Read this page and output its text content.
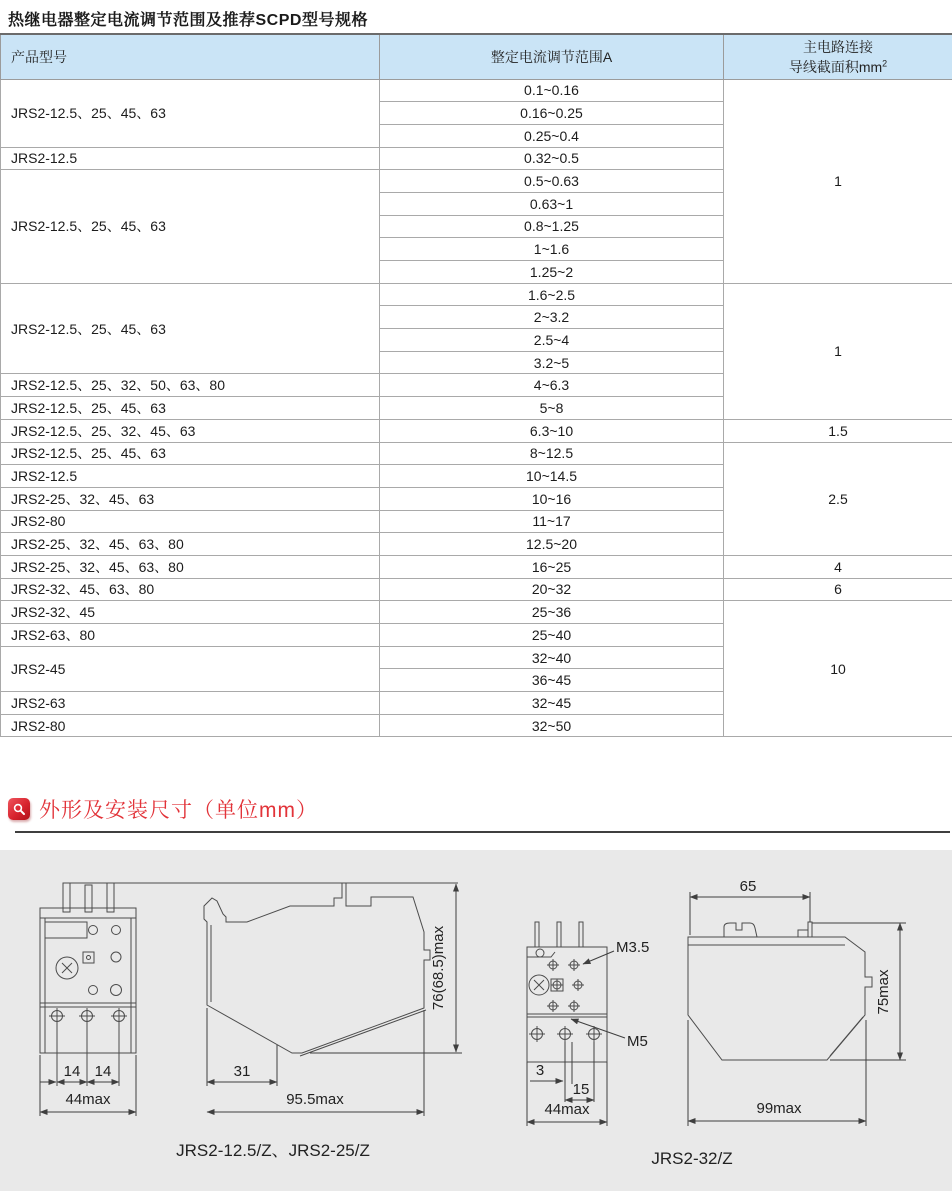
热继电器整定电流调节范围及推荐SCPD型号规格
产品型号	整定电流调节范围A	主电路连接
导线截面积$mm^2$
JRS2-12.5、25、45、63	0.1~0.16	1
	0.16~0.25	
	0.25~0.4	
JRS2-12.5	0.32~0.5	
JRS2-12.5、25、45、63	0.5~0.63	
	0.63~1	
	0.8~1.25	
	1~1.6	
	1.25~2	
JRS2-12.5、25、45、63	1.6~2.5	1
	2~3.2	
	2.5~4	
	3.2~5	
JRS2-12.5、25、32、50、63、80	4~6.3	
JRS2-12.5、25、45、63	5~8	
JRS2-12.5、25、32、45、63	6.3~10	1.5
JRS2-12.5、25、45、63	8~12.5	2.5
JRS2-12.5	10~14.5	
JRS2-25、32、45、63	10~16	
JRS2-80	11~17	
JRS2-25、32、45、63、80	12.5~20	
JRS2-25、32、45、63、80	16~25	4
JRS2-32、45、63、80	20~32	6
JRS2-32、45	25~36	10
JRS2-63、80	25~40	
JRS2-45	32~40	
	36~45	
JRS2-63	32~45	
JRS2-80	32~50	
外形及安装尺寸（单位mm）
14 14
44max
31
95.5max
76(68.5)max
JRS2-12.5/Z、JRS2-25/Z
M3.5
M5
3
15
44max
65
75max
99max
JRS2-32/Z
